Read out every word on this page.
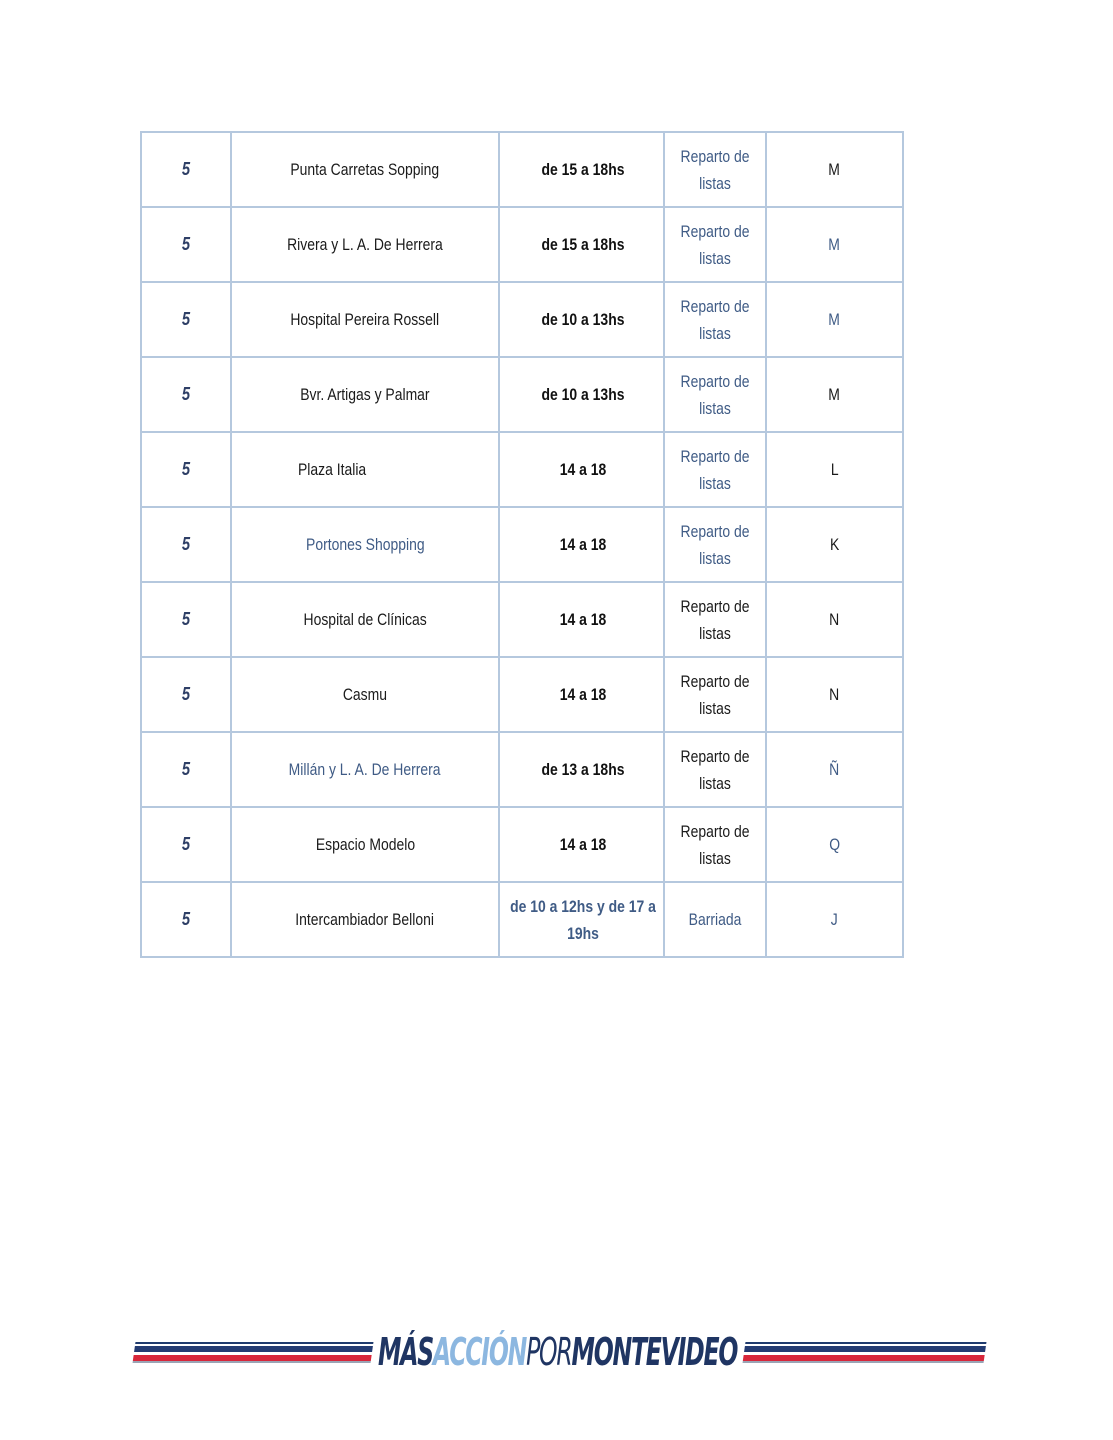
5	Punta Carretas Sopping	de 15 a 18hs	Reparto de listas	M
5	Rivera y L. A. De Herrera	de 15 a 18hs	Reparto de listas	M
5	Hospital Pereira Rossell	de 10 a 13hs	Reparto de listas	M
5	Bvr. Artigas y Palmar	de 10 a 13hs	Reparto de listas	M
5	Plaza Italia	14 a 18	Reparto de listas	L
5	Portones Shopping	14 a 18	Reparto de listas	K
5	Hospital de Clínicas	14 a 18	Reparto de listas	N
5	Casmu	14 a 18	Reparto de listas	N
5	Millán y L. A. De Herrera	de 13 a 18hs	Reparto de listas	Ñ
5	Espacio Modelo	14 a 18	Reparto de listas	Q
5	Intercambiador Belloni	de 10 a 12hs y de 17 a 19hs	Barriada	J
MÁSACCIÓNPORMONTEVIDEO
